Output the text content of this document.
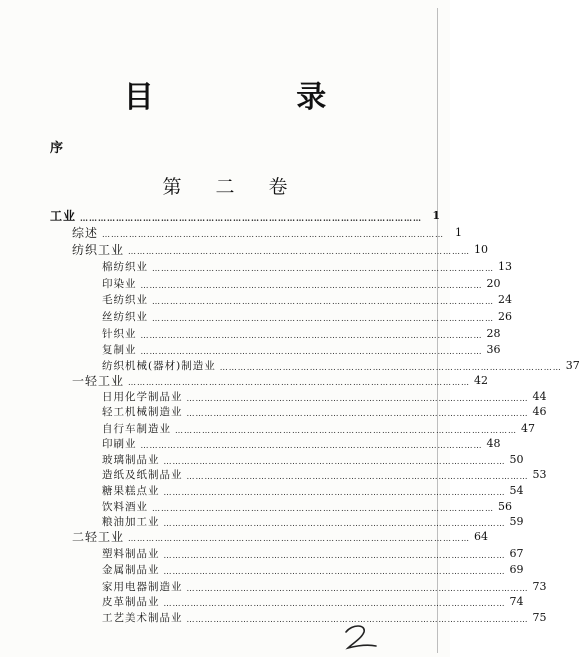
目 录
序
第 二 卷
工业 …………………………………………………………………………………………………… 1
综述 ……………………………………………………………………………………………………	1
纺织工业 …………………………………………………………………………………………………… 10
棉纺织业 …………………………………………………………………………………………………… 13
印染业 …………………………………………………………………………………………………… 20
毛纺织业 …………………………………………………………………………………………………… 24
丝纺织业 …………………………………………………………………………………………………… 26
针织业 …………………………………………………………………………………………………… 28
复制业 …………………………………………………………………………………………………… 36
纺织机械(器材)制造业 …………………………………………………………………………………………………… 37
一轻工业 …………………………………………………………………………………………………… 42
日用化学制品业 …………………………………………………………………………………………………… 44
轻工机械制造业 …………………………………………………………………………………………………… 46
自行车制造业 …………………………………………………………………………………………………… 47
印刷业 …………………………………………………………………………………………………… 48
玻璃制品业 …………………………………………………………………………………………………… 50
造纸及纸制品业 …………………………………………………………………………………………………… 53
糖果糕点业 …………………………………………………………………………………………………… 54
饮料酒业 …………………………………………………………………………………………………… 56
粮油加工业 …………………………………………………………………………………………………… 59
二轻工业 …………………………………………………………………………………………………… 64
塑料制品业 …………………………………………………………………………………………………… 67
金属制品业 …………………………………………………………………………………………………… 69
家用电器制造业 …………………………………………………………………………………………………… 73
皮革制品业 …………………………………………………………………………………………………… 74
工艺美术制品业 …………………………………………………………………………………………………… 75
